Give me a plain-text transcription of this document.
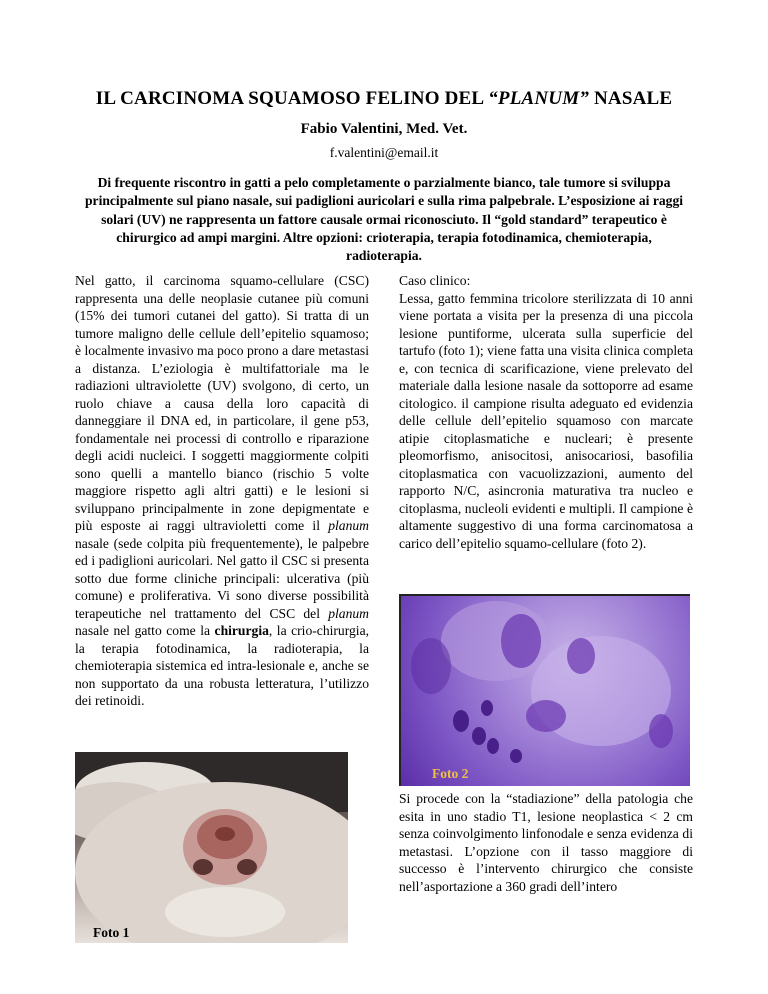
IL CARCINOMA SQUAMOSO FELINO DEL “PLANUM” NASALE
Fabio Valentini, Med. Vet.
f.valentini@email.it
Di frequente riscontro in gatti a pelo completamente o parzialmente bianco, tale tumore si sviluppa principalmente sul piano nasale, sui padiglioni auricolari e sulla rima palpebrale. L’esposizione ai raggi solari (UV) ne rappresenta un fattore causale ormai riconosciuto. Il “gold standard” terapeutico è chirurgico ad ampi margini. Altre opzioni: crioterapia, terapia fotodinamica, chemioterapia, radioterapia.

Nel gatto, il carcinoma squamo-cellulare (CSC) rappresenta una delle neoplasie cutanee più comuni (15% dei tumori cutanei del gatto). Si tratta di un tumore maligno delle cellule dell’epitelio squamoso; è localmente invasivo ma poco prono a dare metastasi a distanza. L’eziologia è multifattoriale ma le radiazioni ultraviolette (UV) svolgono, di certo, un ruolo chiave a causa della loro capacità di danneggiare il DNA ed, in particolare, il gene p53, fondamentale nei processi di controllo e riparazione degli acidi nucleici. I soggetti maggiormente colpiti sono quelli a mantello bianco (rischio 5 volte maggiore rispetto agli altri gatti) e le lesioni si sviluppano principalmente in zone depigmentate e più esposte ai raggi ultravioletti come il planum nasale (sede colpita più frequentemente), le palpebre ed i padiglioni auricolari. Nel gatto il CSC si presenta sotto due forme cliniche principali: ulcerativa (più comune) e proliferativa. Vi sono diverse possibilità terapeutiche nel trattamento del CSC del planum nasale nel gatto come la chirurgia, la crio-chirurgia, la terapia fotodinamica, la radioterapia, la chemioterapia sistemica ed intra-lesionale e, anche se non supportato da una robusta letteratura, l’utilizzo dei retinoidi.

Caso clinico:

Lessa, gatto femmina tricolore sterilizzata di 10 anni viene portata a visita per la presenza di una piccola lesione puntiforme, ulcerata sulla superficie del tartufo (foto 1); viene fatta una visita clinica completa e, con tecnica di scarificazione, viene prelevato del materiale dalla lesione nasale da sottoporre ad esame citologico. il campione risulta adeguato ed evidenzia delle cellule dell’epitelio squamoso con marcate atipie citoplasmatiche e nucleari; è presente pleomorfismo, anisocitosi, anisocariosi, basofilia citoplasmatica con vacuolizzazioni, aumento del rapporto N/C, asincronia maturativa tra nucleo e citoplasma, nucleoli evidenti e multipli. Il campione è altamente suggestivo di una forma carcinomatosa a carico dell’epitelio squamo-cellulare (foto 2).

Foto 2

Si procede con la “stadiazione” della patologia che esita in uno stadio T1, lesione neoplastica < 2 cm senza coinvolgimento linfonodale e senza evidenza di metastasi. L’opzione con il tasso maggiore di successo è l’intervento chirurgico che consiste nell’asportazione a 360 gradi dell’intero

Foto 1
